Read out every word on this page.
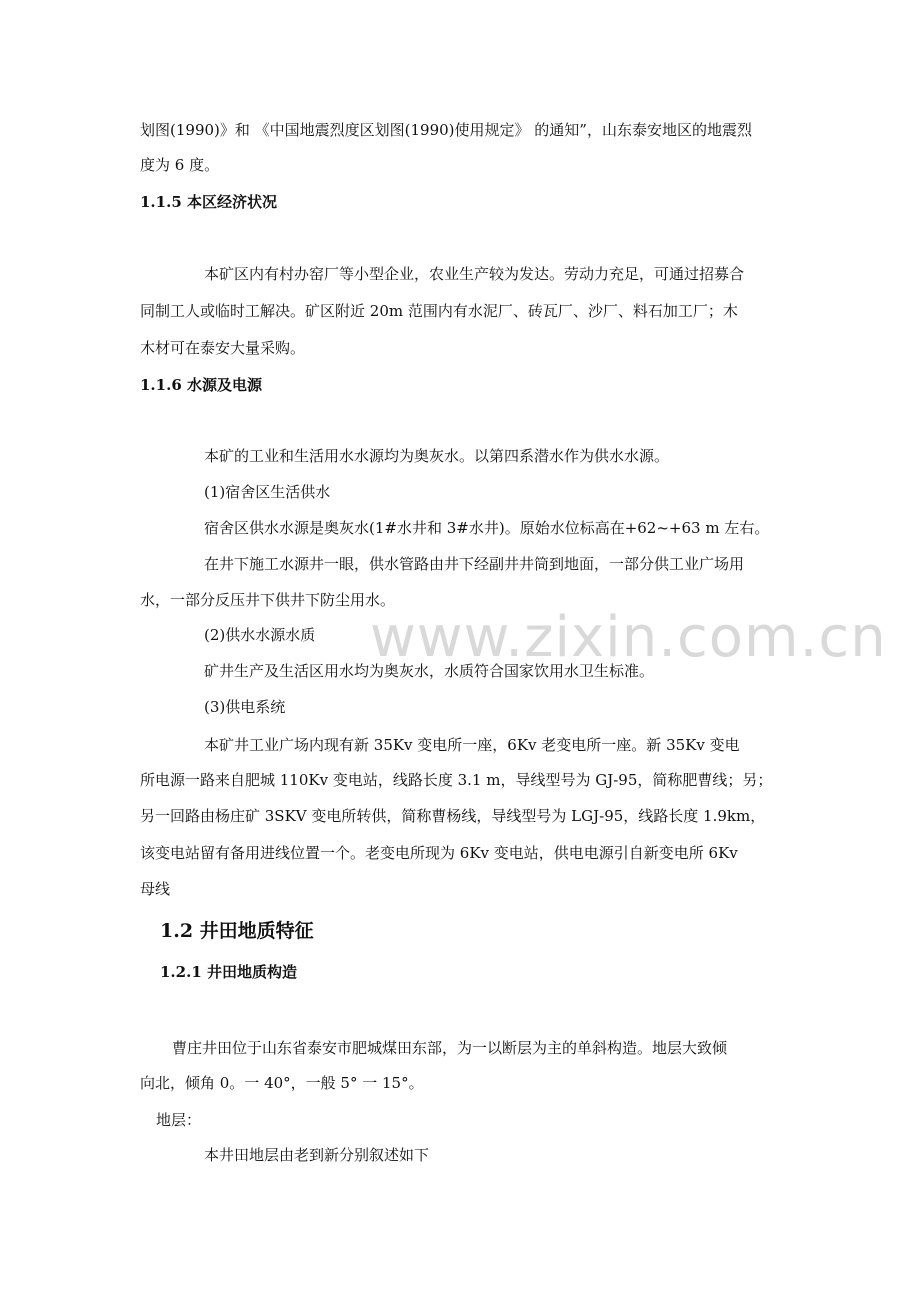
www.zixin.com.cn
划图(1990)》和 《中国地震烈度区划图(1990)使用规定》 的通知”，山东泰安地区的地震烈
度为 6 度。
1.1.5 本区经济状况
本矿区内有村办窑厂等小型企业，农业生产较为发达。劳动力充足，可通过招募合
同制工人或临时工解决。矿区附近 20m 范围内有水泥厂、砖瓦厂、沙厂、料石加工厂；木
木材可在泰安大量采购。
1.1.6 水源及电源
本矿的工业和生活用水水源均为奥灰水。以第四系潜水作为供水水源。
(1)宿舍区生活供水
宿舍区供水水源是奥灰水(1#水井和 3#水井)。原始水位标高在+62~+63 m 左右。
在井下施工水源井一眼，供水管路由井下经副井井筒到地面，一部分供工业广场用
水，一部分反压井下供井下防尘用水。
(2)供水水源水质
矿井生产及生活区用水均为奥灰水，水质符合国家饮用水卫生标准。
(3)供电系统
本矿井工业广场内现有新 35Kv 变电所一座，6Kv 老变电所一座。新 35Kv 变电
所电源一路来自肥城 110Kv 变电站，线路长度 3.1 m，导线型号为 GJ-95，简称肥曹线；另；
另一回路由杨庄矿 3SKV 变电所转供，简称曹杨线，导线型号为 LGJ-95，线路长度 1.9km，
该变电站留有备用进线位置一个。老变电所现为 6Kv 变电站，供电电源引自新变电所 6Kv
母线
1.2 井田地质特征
1.2.1 井田地质构造
曹庄井田位于山东省泰安市肥城煤田东部，为一以断层为主的单斜构造。地层大致倾
向北，倾角 0。一 40°，一般 5° 一 15°。
地层：
本井田地层由老到新分别叙述如下
